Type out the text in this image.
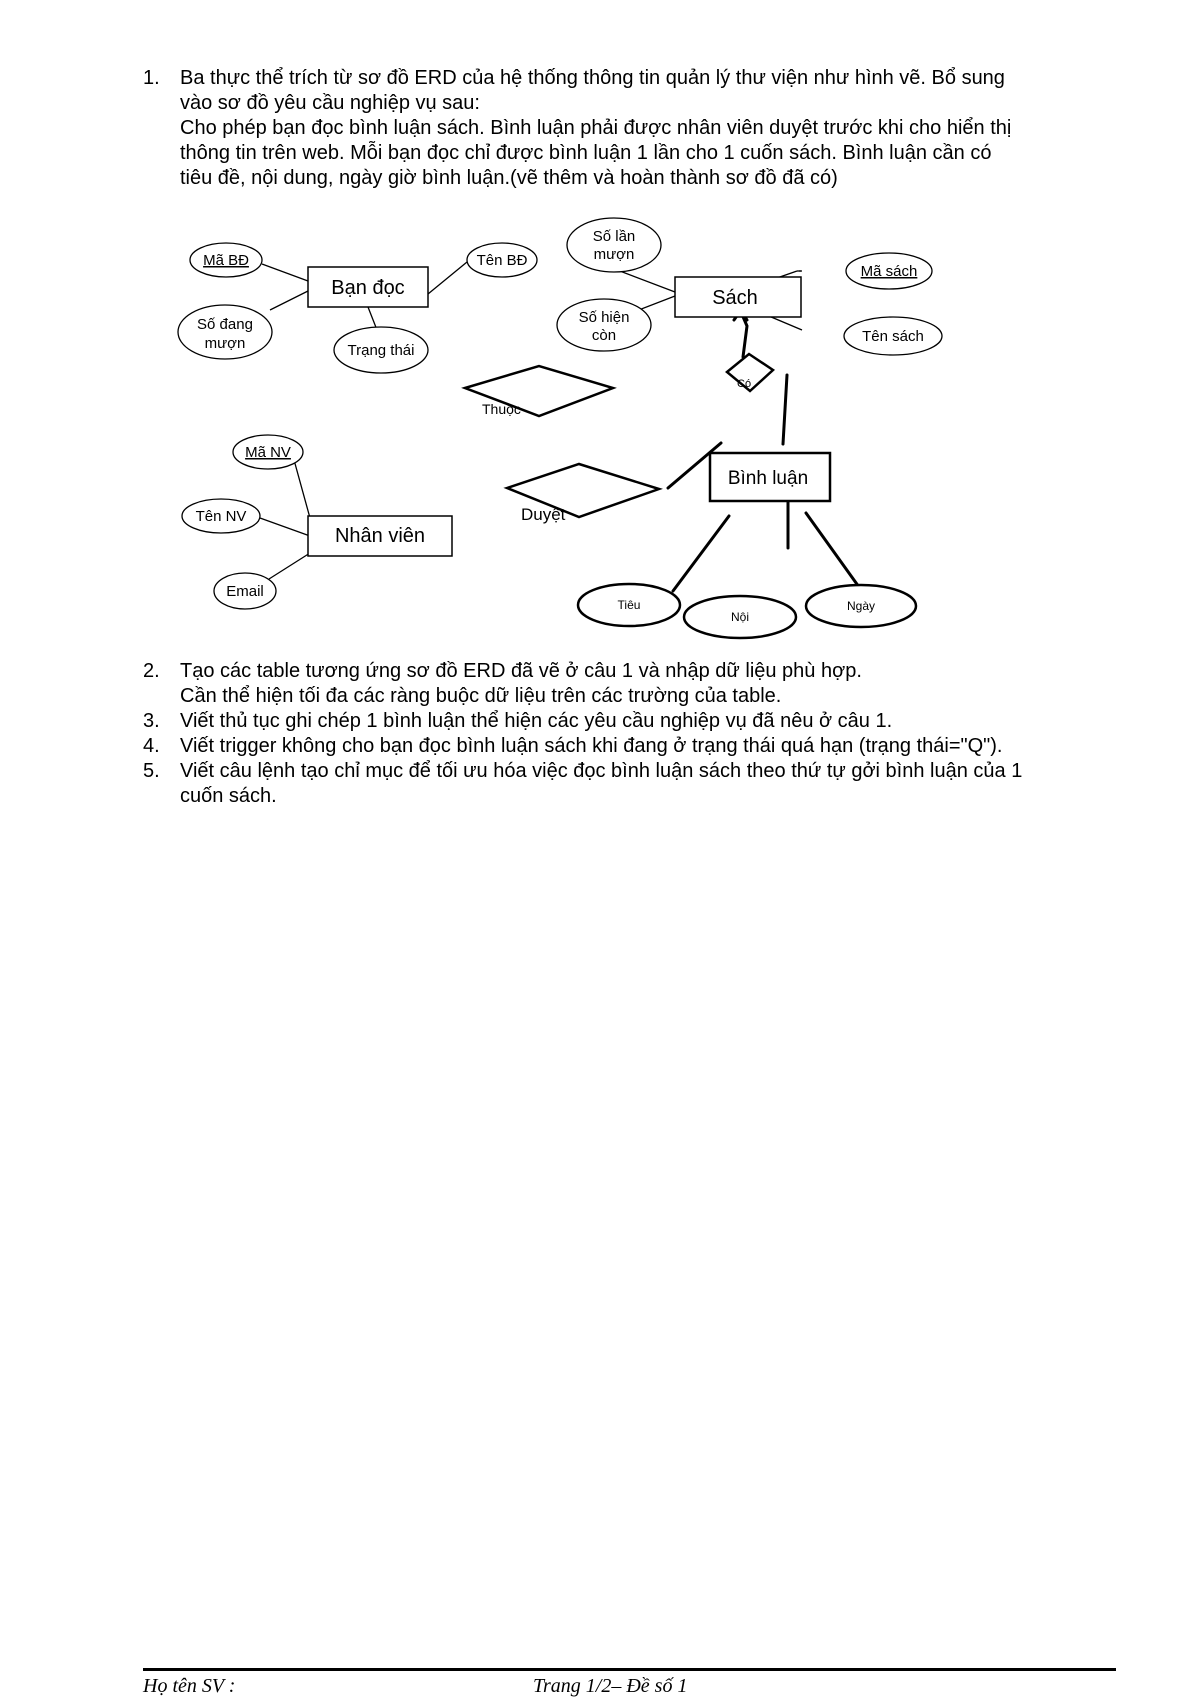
1. Ba thực thể trích từ sơ đồ ERD của hệ thống thông tin quản lý thư viện như hình vẽ. Bổ sung
vào sơ đồ yêu cầu nghiệp vụ sau:
Cho phép bạn đọc bình luận sách. Bình luận phải được nhân viên duyệt trước khi cho hiển thị
thông tin trên web. Mỗi bạn đọc chỉ được bình luận 1 lần cho 1 cuốn sách. Bình luận cần có
tiêu đề, nội dung, ngày giờ bình luận.(vẽ thêm và hoàn thành sơ đồ đã có)
2. Tạo các table tương ứng sơ đồ ERD đã vẽ ở câu 1 và nhập dữ liệu phù hợp.
Cần thể hiện tối đa các ràng buộc dữ liệu trên các trường của table.
3. Viết thủ tục ghi chép 1 bình luận thể hiện các yêu cầu nghiệp vụ đã nêu ở câu 1.
4. Viết trigger không cho bạn đọc bình luận sách khi đang ở trạng thái quá hạn (trạng thái="Q").
5. Viết câu lệnh tạo chỉ mục để tối ưu hóa việc đọc bình luận sách theo thứ tự gởi bình luận của 1
cuốn sách.
Bạn đọc	Sách
Nhân viên
Bình luận
Mã BĐ	Tên BĐ
Số đang
mượn	Trạng thái
Số lần
mượn
Mã sách
Số hiện
còn	Tên sách
Mã NV
Tên NV
Email
Tiêu
Nội
Ngày
Thuộc
Duyệt
Có
Họ tên SV :	Trang 1/2– Đề số 1
